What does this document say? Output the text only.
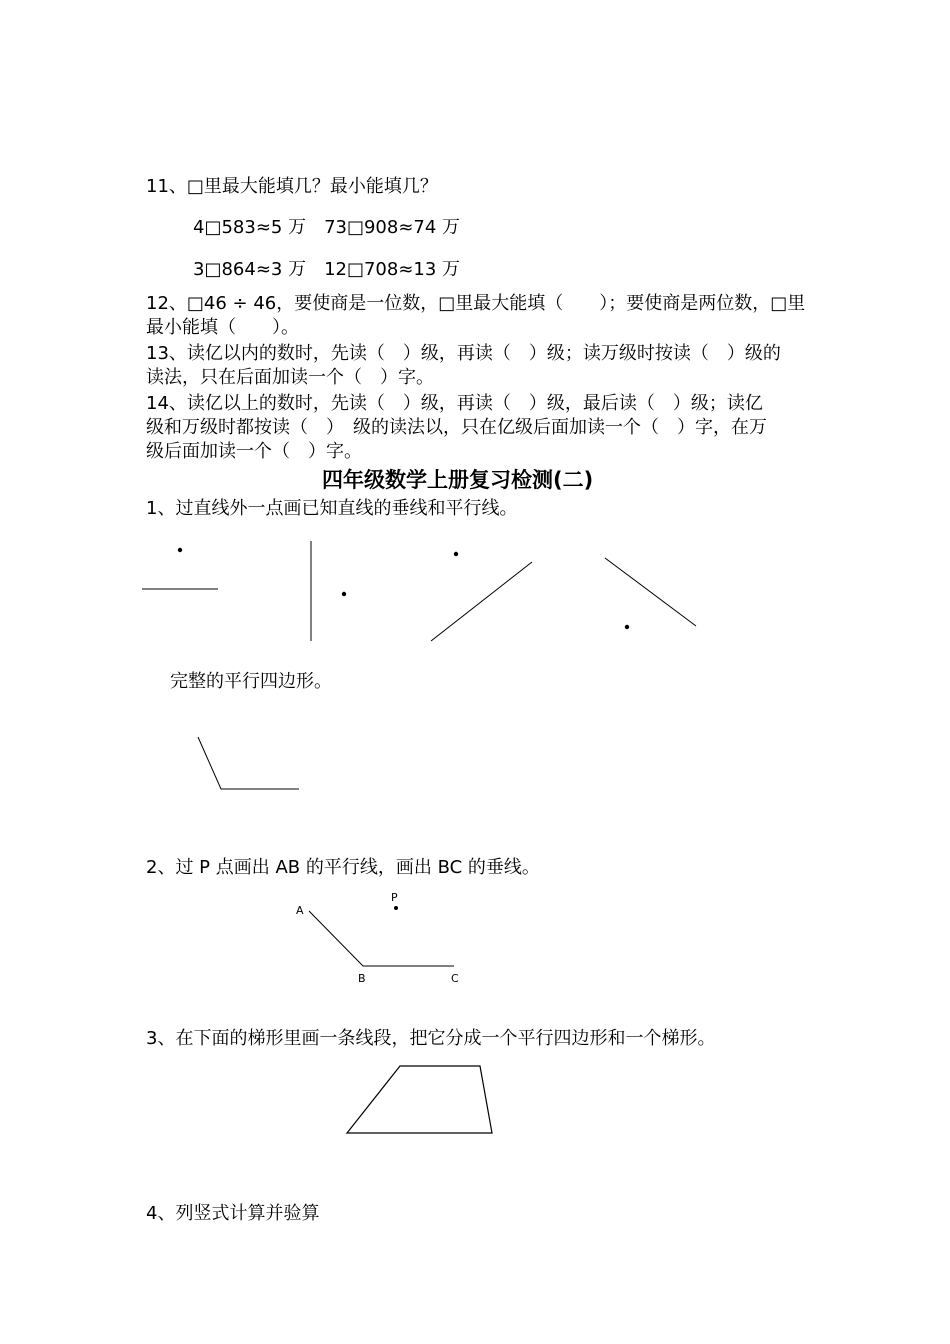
11、□里最大能填几？最小能填几？
4□583≈5 万　73□908≈74 万
3□864≈3 万　12□708≈13 万
12、□46 ÷ 46，要使商是一位数，□里最大能填（　　）；要使商是两位数，□里
最小能填（　　）。
13、读亿以内的数时，先读（　）级，再读（　）级；读万级时按读（　）级的
读法，只在后面加读一个（　）字。
14、读亿以上的数时，先读（　）级，再读（　）级，最后读（　）级；读亿
级和万级时都按读（　）　级的读法以，只在亿级后面加读一个（　）字，在万
级后面加读一个（　）字。
四年级数学上册复习检测(二)
1、过直线外一点画已知直线的垂线和平行线。
完整的平行四边形。
2、过 P 点画出 AB 的平行线，画出 BC 的垂线。
3、在下面的梯形里画一条线段，把它分成一个平行四边形和一个梯形。
4、列竖式计算并验算
A
P
B	C
